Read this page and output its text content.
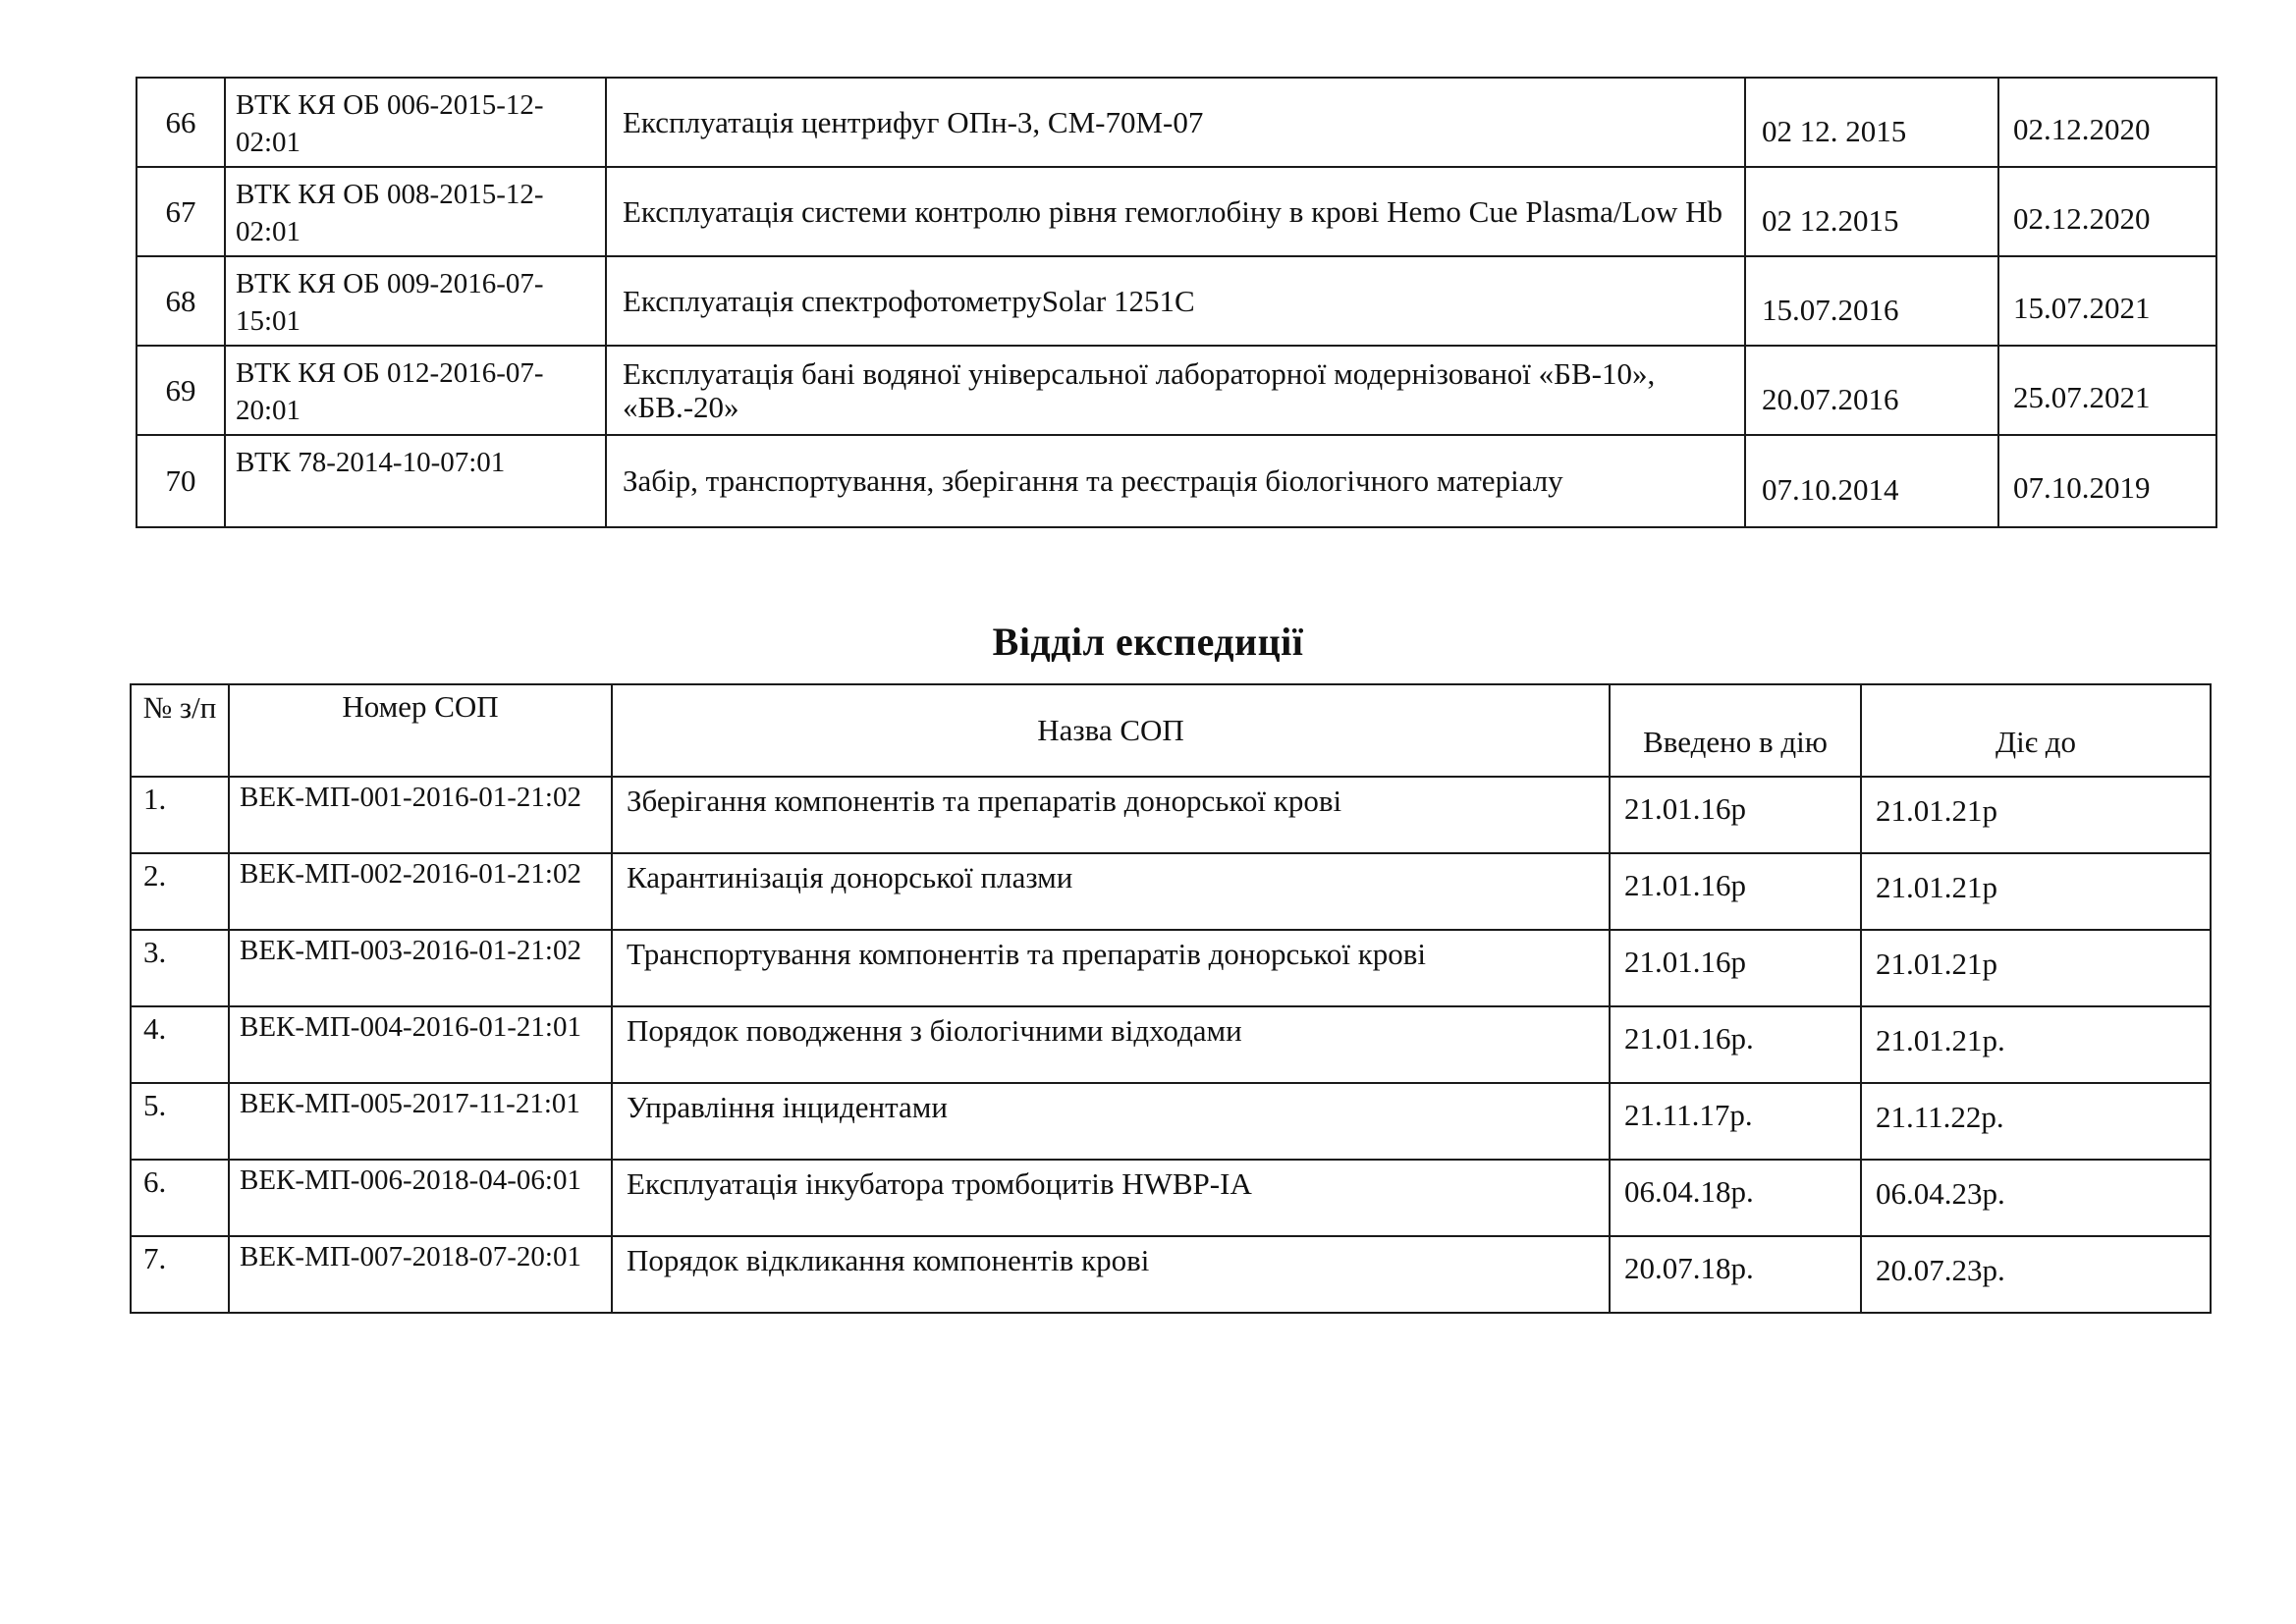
66	ВТК КЯ ОБ 006-2015-12-02:01	Експлуатація центрифуг ОПн-3, СМ-70М-07	02 12. 2015	02.12.2020
67	ВТК КЯ ОБ 008-2015-12-02:01	Експлуатація системи контролю рівня гемоглобіну в крові Hemo Cue Plasma/Low Hb	02 12.2015	02.12.2020
68	ВТК КЯ ОБ 009-2016-07-15:01	Експлуатація спектрофотометруSolar 1251C	15.07.2016	15.07.2021
69	ВТК КЯ ОБ 012-2016-07-20:01	Експлуатація бані водяної універсальної лабораторної модернізованої «БВ-10», «БВ.-20»	20.07.2016	25.07.2021
70	ВТК 78-2014-10-07:01	Забір, транспортування, зберігання та реєстрація біологічного матеріалу	07.10.2014	07.10.2019
Відділ експедиції
№ з/п	Номер СОП	Назва СОП	Введено в дію	Діє до
1.	ВЕК-МП-001-2016-01-21:02	Зберігання компонентів та препаратів донорської крові	21.01.16р	21.01.21р
2.	ВЕК-МП-002-2016-01-21:02	Карантинізація донорської плазми	21.01.16р	21.01.21р
3.	ВЕК-МП-003-2016-01-21:02	Транспортування компонентів та препаратів донорської крові	21.01.16р	21.01.21р
4.	ВЕК-МП-004-2016-01-21:01	Порядок поводження з біологічними відходами	21.01.16р.	21.01.21р.
5.	ВЕК-МП-005-2017-11-21:01	Управління інцидентами	21.11.17р.	21.11.22р.
6.	ВЕК-МП-006-2018-04-06:01	Експлуатація інкубатора тромбоцитів HWBP-IA	06.04.18р.	06.04.23р.
7.	ВЕК-МП-007-2018-07-20:01	Порядок відкликання компонентів крові	20.07.18р.	20.07.23р.
